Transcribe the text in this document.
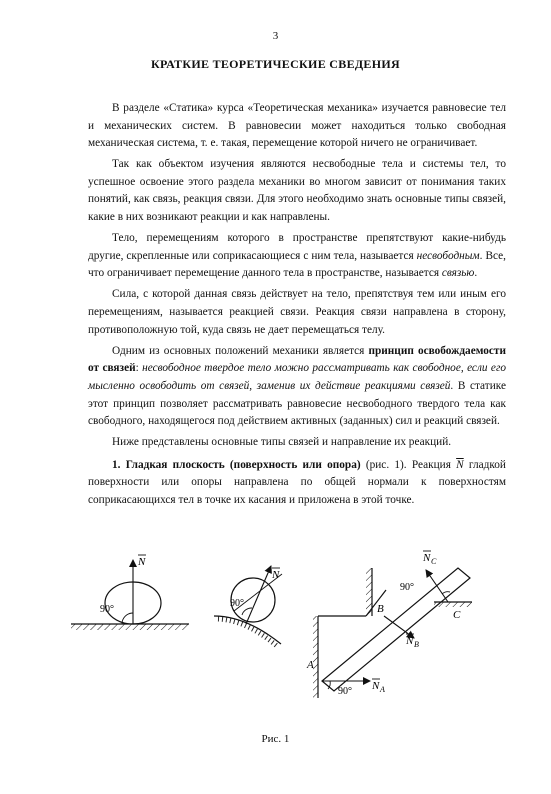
3
КРАТКИЕ ТЕОРЕТИЧЕСКИЕ СВЕДЕНИЯ

В разделе «Статика» курса «Теоретическая механика» изучается равновесие тел и механических систем. В равновесии может находиться только свободная механическая система, т. е. такая, перемещение которой ничего не ограничивает.

Так как объектом изучения являются несвободные тела и системы тел, то успешное освоение этого раздела механики во многом зависит от понимания таких понятий, как связь, реакция связи. Для этого необходимо знать основные типы связей, какие в них возникают реакции и как направлены.

Тело, перемещениям которого в пространстве препятствуют какие-нибудь другие, скрепленные или соприкасающиеся с ним тела, называется несвободным. Все, что ограничивает перемещение данного тела в пространстве, называется связью.

Сила, с которой данная связь действует на тело, препятствуя тем или иным его перемещениям, называется реакцией связи. Реакция связи направлена в сторону, противоположную той, куда связь не дает перемещаться телу.

Одним из основных положений механики является принцип освобождаемости от связей: несвободное твердое тело можно рассматривать как свободное, если его мысленно освободить от связей, заменив их действие реакциями связей. В статике этот принцип позволяет рассматривать равновесие несвободного твердого тела как свободного, находящегося под действием активных (заданных) сил и реакций связей.

Ниже представлены основные типы связей и направление их реакций.

1. Гладкая плоскость (поверхность или опора) (рис. 1). Реакция $\overline{N}$ гладкой поверхности или опоры направлена по общей нормали к поверхностям соприкасающихся тел в точке их касания и приложена в этой точке.

90°
N
90°
N
90° N A
A
N B
B
90°
N C
C
Рис. 1
